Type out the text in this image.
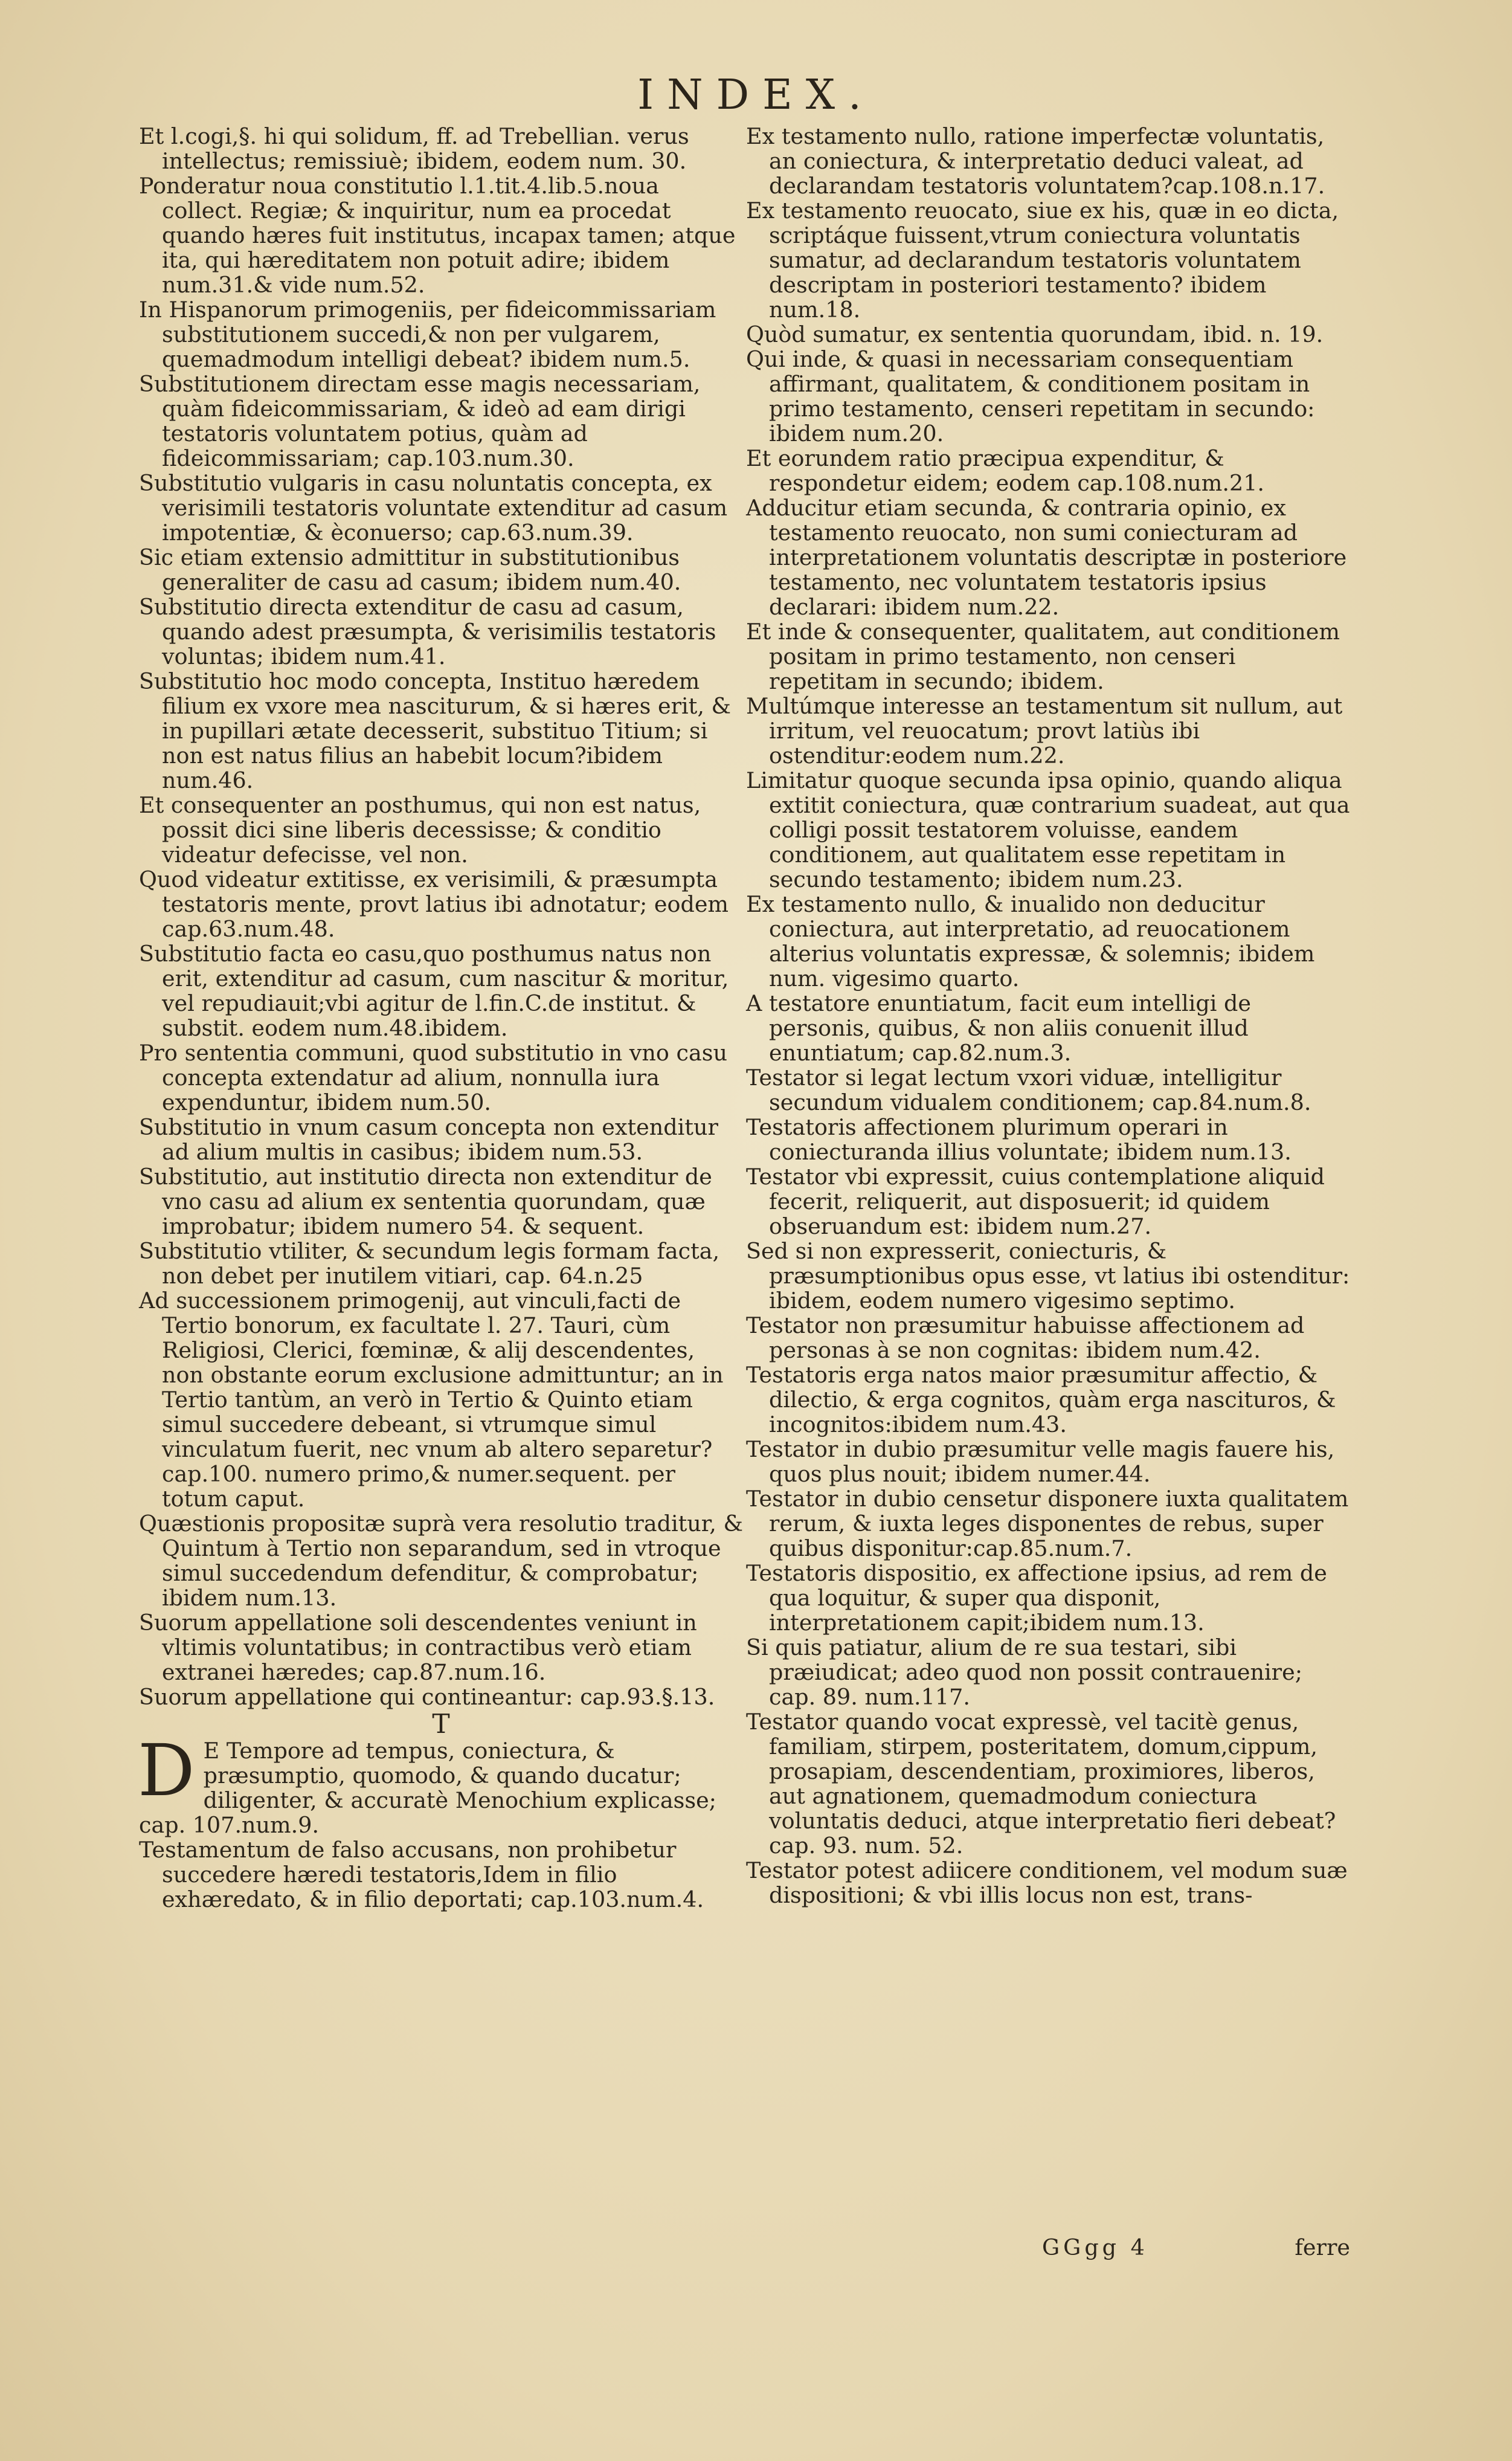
INDEX.

Et l.cogi,§. hi qui solidum, ff. ad Trebellian. verus intellectus; remissiuè; ibidem, eodem num. 30.

Ponderatur noua constitutio l.1.tit.4.lib.5.noua collect. Regiæ; & inquiritur, num ea procedat quando hæres fuit institutus, incapax tamen; atque ita, qui hæreditatem non potuit adire; ibidem num.31.& vide num.52.

In Hispanorum primogeniis, per fideicommissariam substitutionem succedi,& non per vulgarem, quemadmodum intelligi debeat? ibidem num.5.

Substitutionem directam esse magis necessariam, quàm fideicommissariam, & ideò ad eam dirigi testatoris voluntatem potius, quàm ad fideicommissariam; cap.103.num.30.

Substitutio vulgaris in casu noluntatis concepta, ex verisimili testatoris voluntate extenditur ad casum impotentiæ, & èconuerso; cap.63.num.39.

Sic etiam extensio admittitur in substitutionibus generaliter de casu ad casum; ibidem num.40.

Substitutio directa extenditur de casu ad casum, quando adest præsumpta, & verisimilis testatoris voluntas; ibidem num.41.

Substitutio hoc modo concepta, Instituo hæredem filium ex vxore mea nasciturum, & si hæres erit, & in pupillari ætate decesserit, substituo Titium; si non est natus filius an habebit locum?ibidem num.46.

Et consequenter an posthumus, qui non est natus, possit dici sine liberis decessisse; & conditio videatur defecisse, vel non.

Quod videatur extitisse, ex verisimili, & præsumpta testatoris mente, provt latius ibi adnotatur; eodem cap.63.num.48.

Substitutio facta eo casu,quo posthumus natus non erit, extenditur ad casum, cum nascitur & moritur, vel repudiauit;vbi agitur de l.fin.C.de institut. & substit. eodem num.48.ibidem.

Pro sententia communi, quod substitutio in vno casu concepta extendatur ad alium, nonnulla iura expenduntur, ibidem num.50.

Substitutio in vnum casum concepta non extenditur ad alium multis in casibus; ibidem num.53.

Substitutio, aut institutio directa non extenditur de vno casu ad alium ex sententia quorundam, quæ improbatur; ibidem numero 54. & sequent.

Substitutio vtiliter, & secundum legis formam facta, non debet per inutilem vitiari, cap. 64.n.25

Ad successionem primogenij, aut vinculi,facti de Tertio bonorum, ex facultate l. 27. Tauri, cùm Religiosi, Clerici, fœminæ, & alij descendentes, non obstante eorum exclusione admittuntur; an in Tertio tantùm, an verò in Tertio & Quinto etiam simul succedere debeant, si vtrumque simul vinculatum fuerit, nec vnum ab altero separetur? cap.100. numero primo,& numer.sequent. per totum caput.

Quæstionis propositæ suprà vera resolutio traditur, & Quintum à Tertio non separandum, sed in vtroque simul succedendum defenditur, & comprobatur; ibidem num.13.

Suorum appellatione soli descendentes veniunt in vltimis voluntatibus; in contractibus verò etiam extranei hæredes; cap.87.num.16.

Suorum appellatione qui contineantur: cap.93.§.13.

T

D E Tempore ad tempus, coniectura, & præsumptio, quomodo, & quando ducatur; diligenter, & accuratè Menochium explicasse; cap. 107.num.9.

Testamentum de falso accusans, non prohibetur succedere hæredi testatoris,Idem in filio exhæredato, & in filio deportati; cap.103.num.4.

Ex testamento nullo, ratione imperfectæ voluntatis, an coniectura, & interpretatio deduci valeat, ad declarandam testatoris voluntatem?cap.108.n.17.

Ex testamento reuocato, siue ex his, quæ in eo dicta, scriptáque fuissent,vtrum coniectura voluntatis sumatur, ad declarandum testatoris voluntatem descriptam in posteriori testamento? ibidem num.18.

Quòd sumatur, ex sententia quorundam, ibid. n. 19.

Qui inde, & quasi in necessariam consequentiam affirmant, qualitatem, & conditionem positam in primo testamento, censeri repetitam in secundo: ibidem num.20.

Et eorundem ratio præcipua expenditur, & respondetur eidem; eodem cap.108.num.21.

Adducitur etiam secunda, & contraria opinio, ex testamento reuocato, non sumi coniecturam ad interpretationem voluntatis descriptæ in posteriore testamento, nec voluntatem testatoris ipsius declarari: ibidem num.22.

Et inde & consequenter, qualitatem, aut conditionem positam in primo testamento, non censeri repetitam in secundo; ibidem.

Multúmque interesse an testamentum sit nullum, aut irritum, vel reuocatum; provt latiùs ibi ostenditur:eodem num.22.

Limitatur quoque secunda ipsa opinio, quando aliqua extitit coniectura, quæ contrarium suadeat, aut qua colligi possit testatorem voluisse, eandem conditionem, aut qualitatem esse repetitam in secundo testamento; ibidem num.23.

Ex testamento nullo, & inualido non deducitur coniectura, aut interpretatio, ad reuocationem alterius voluntatis expressæ, & solemnis; ibidem num. vigesimo quarto.

A testatore enuntiatum, facit eum intelligi de personis, quibus, & non aliis conuenit illud enuntiatum; cap.82.num.3.

Testator si legat lectum vxori viduæ, intelligitur secundum vidualem conditionem; cap.84.num.8.

Testatoris affectionem plurimum operari in coniecturanda illius voluntate; ibidem num.13.

Testator vbi expressit, cuius contemplatione aliquid fecerit, reliquerit, aut disposuerit; id quidem obseruandum est: ibidem num.27.

Sed si non expresserit, coniecturis, & præsumptionibus opus esse, vt latius ibi ostenditur: ibidem, eodem numero vigesimo septimo.

Testator non præsumitur habuisse affectionem ad personas à se non cognitas: ibidem num.42.

Testatoris erga natos maior præsumitur affectio, & dilectio, & erga cognitos, quàm erga nascituros, & incognitos:ibidem num.43.

Testator in dubio præsumitur velle magis fauere his, quos plus nouit; ibidem numer.44.

Testator in dubio censetur disponere iuxta qualitatem rerum, & iuxta leges disponentes de rebus, super quibus disponitur:cap.85.num.7.

Testatoris dispositio, ex affectione ipsius, ad rem de qua loquitur, & super qua disponit, interpretationem capit;ibidem num.13.

Si quis patiatur, alium de re sua testari, sibi præiudicat; adeo quod non possit contrauenire; cap. 89. num.117.

Testator quando vocat expressè, vel tacitè genus, familiam, stirpem, posteritatem, domum,cippum, prosapiam, descendentiam, proximiores, liberos, aut agnationem, quemadmodum coniectura voluntatis deduci, atque interpretatio fieri debeat? cap. 93. num. 52.

Testator potest adiicere conditionem, vel modum suæ dispositioni; & vbi illis locus non est, trans-

GGgg 4	ferre
